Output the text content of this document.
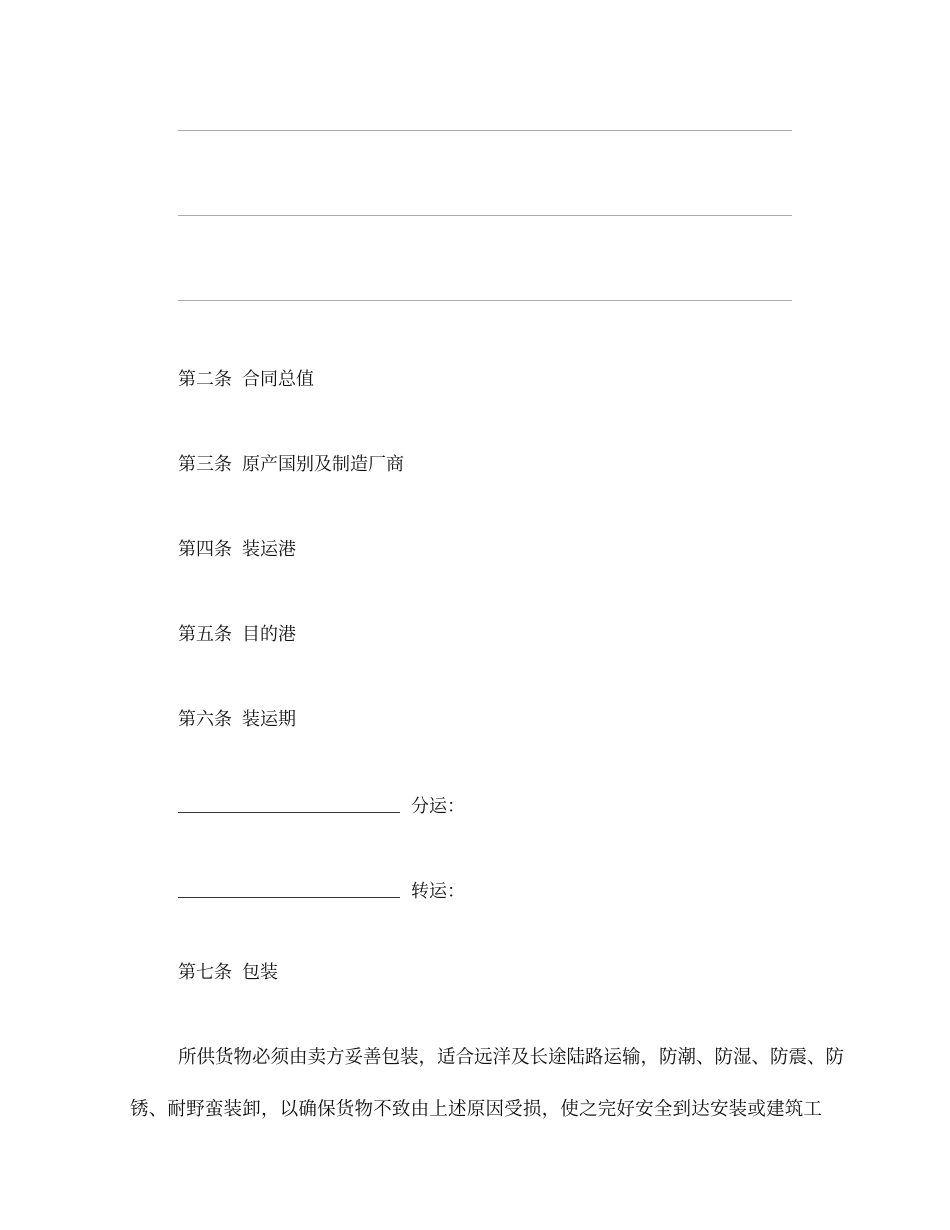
第二条 合同总值
第三条 原产国别及制造厂商
第四条 装运港
第五条 目的港
第六条 装运期
分运：
转运：
第七条 包装
所供货物必须由卖方妥善包装，适合远洋及长途陆路运输，防潮、防湿、防震、防
锈、耐野蛮装卸，以确保货物不致由上述原因受损，使之完好安全到达安装或建筑工
